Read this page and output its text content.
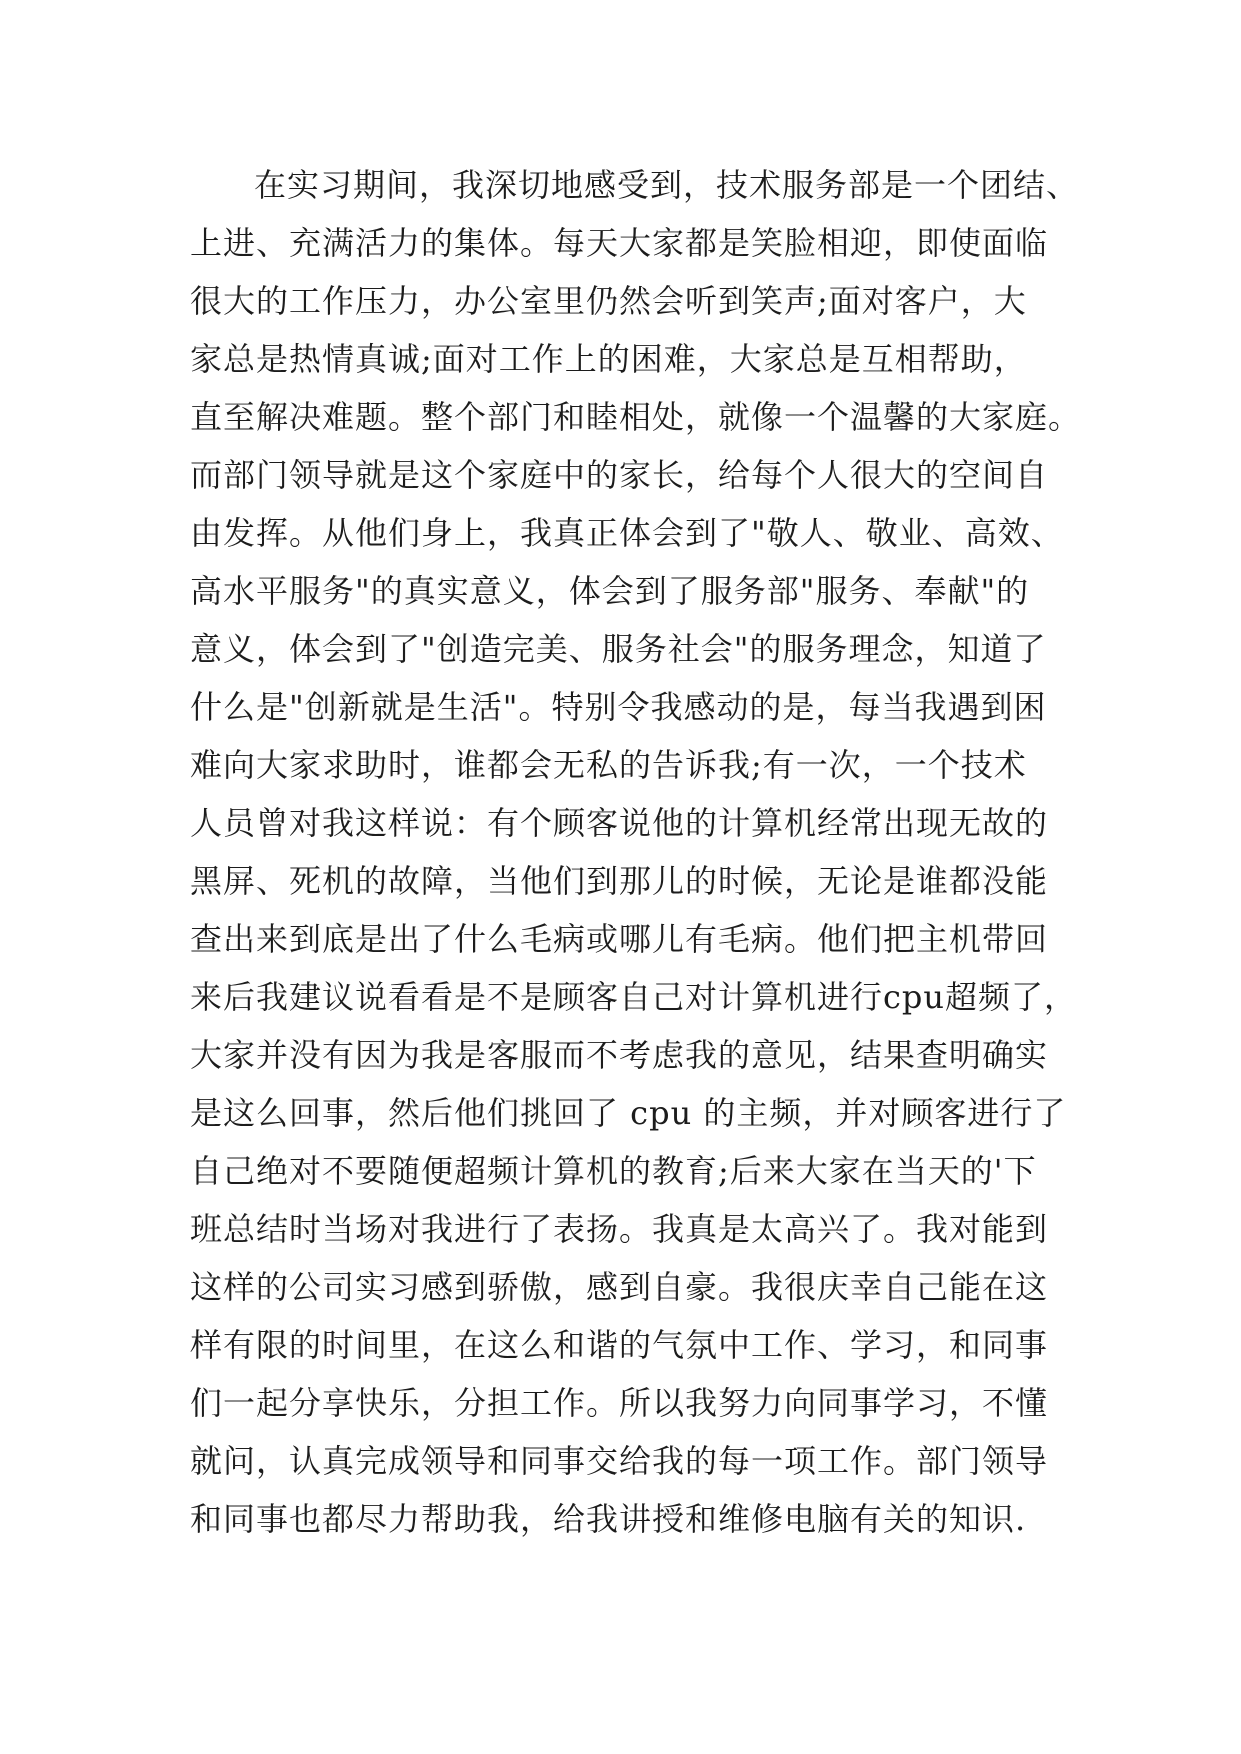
在实习期间，我深切地感受到，技术服务部是一个团结、
上进、充满活力的集体。每天大家都是笑脸相迎，即使面临
很大的工作压力，办公室里仍然会听到笑声;面对客户，大
家总是热情真诚;面对工作上的困难，大家总是互相帮助，
直至解决难题。整个部门和睦相处，就像一个温馨的大家庭。
而部门领导就是这个家庭中的家长，给每个人很大的空间自
由发挥。从他们身上，我真正体会到了"敬人、敬业、高效、
高水平服务"的真实意义，体会到了服务部"服务、奉献"的
意义，体会到了"创造完美、服务社会"的服务理念，知道了
什么是"创新就是生活"。特别令我感动的是，每当我遇到困
难向大家求助时，谁都会无私的告诉我;有一次，一个技术
人员曾对我这样说：有个顾客说他的计算机经常出现无故的
黑屏、死机的故障，当他们到那儿的时候，无论是谁都没能
查出来到底是出了什么毛病或哪儿有毛病。他们把主机带回
来后我建议说看看是不是顾客自己对计算机进行cpu超频了，
大家并没有因为我是客服而不考虑我的意见，结果查明确实
是这么回事，然后他们挑回了 cpu 的主频，并对顾客进行了
自己绝对不要随便超频计算机的教育;后来大家在当天的'下
班总结时当场对我进行了表扬。我真是太高兴了。我对能到
这样的公司实习感到骄傲，感到自豪。我很庆幸自己能在这
样有限的时间里，在这么和谐的气氛中工作、学习，和同事
们一起分享快乐，分担工作。所以我努力向同事学习，不懂
就问，认真完成领导和同事交给我的每一项工作。部门领导
和同事也都尽力帮助我，给我讲授和维修电脑有关的知识.
